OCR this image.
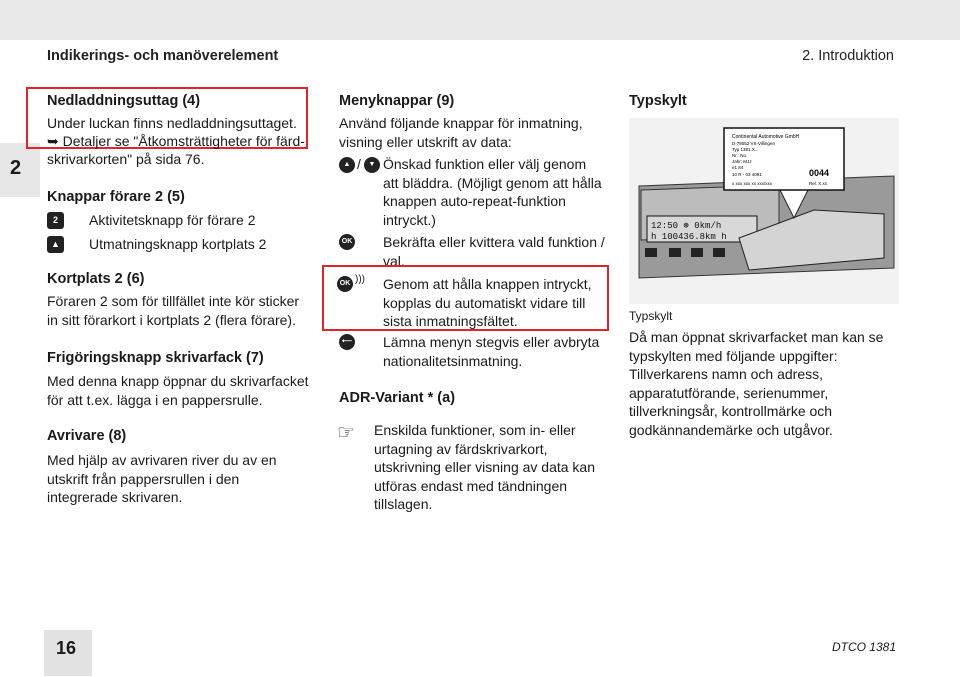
Indikerings- och manöverelement	2. Introduktion
2
Nedladdningsuttag (4)
Under luckan finns nedladdningsuttaget.
➥ Detaljer se "Åtkomsträttigheter för färd-
skrivarkorten" på sida 76.
Knappar förare 2 (5)
2	Aktivitetsknapp för förare 2
▲ Utmatningsknapp kortplats 2
Kortplats 2 (6)
Föraren 2 som för tillfället inte kör sticker in sitt förarkort i kortplats 2 (flera förare).
Frigöringsknapp skrivarfack (7)
Med denna knapp öppnar du skrivarfacket för att t.ex. lägga i en pappersrulle.
Avrivare (8)
Med hjälp av avrivaren river du av en utskrift från pappersrullen i den integrerade skrivaren.
Menyknappar (9)
Använd följande knappar för inmatning, visning eller utskrift av data:
▲ /	▼ Önskad funktion eller välj genom att bläddra. (Möjligt genom att hålla knappen auto-repeat-funktion intryckt.)
OK Bekräfta eller kvittera vald funktion / val.
OK ))) Genom att hålla knappen intryckt, kopplas du automatiskt vidare till sista inmatningsfältet.
⟵ Lämna menyn stegvis eller avbryta nationalitetsinmatning.
ADR-Variant * (a)
☞ Enskilda funktioner, som in- eller urtagning av färdskrivarkort, utskrivning eller visning av data kan utföras endast med tändningen tillslagen.
Typskylt
12:50 ⊛ 0km/h
h 100436.8km h
Continental Automotive GmbH
D-78052 VS-Villingen
Typ 1381.X...
Nr.: No.
Jahr: MJJ
e1 84
10 R - 03 4091	0044
x xxx xxx xx xxx/xxx	Rel. X.xx
Typskylt
Då man öppnat skrivarfacket man kan se typskylten med följande uppgifter: Tillverkarens namn och adress, apparatutförande, serienummer, tillverkningsår, kontrollmärke och godkännandemärke och utgåvor.
16	DTCO 1381
